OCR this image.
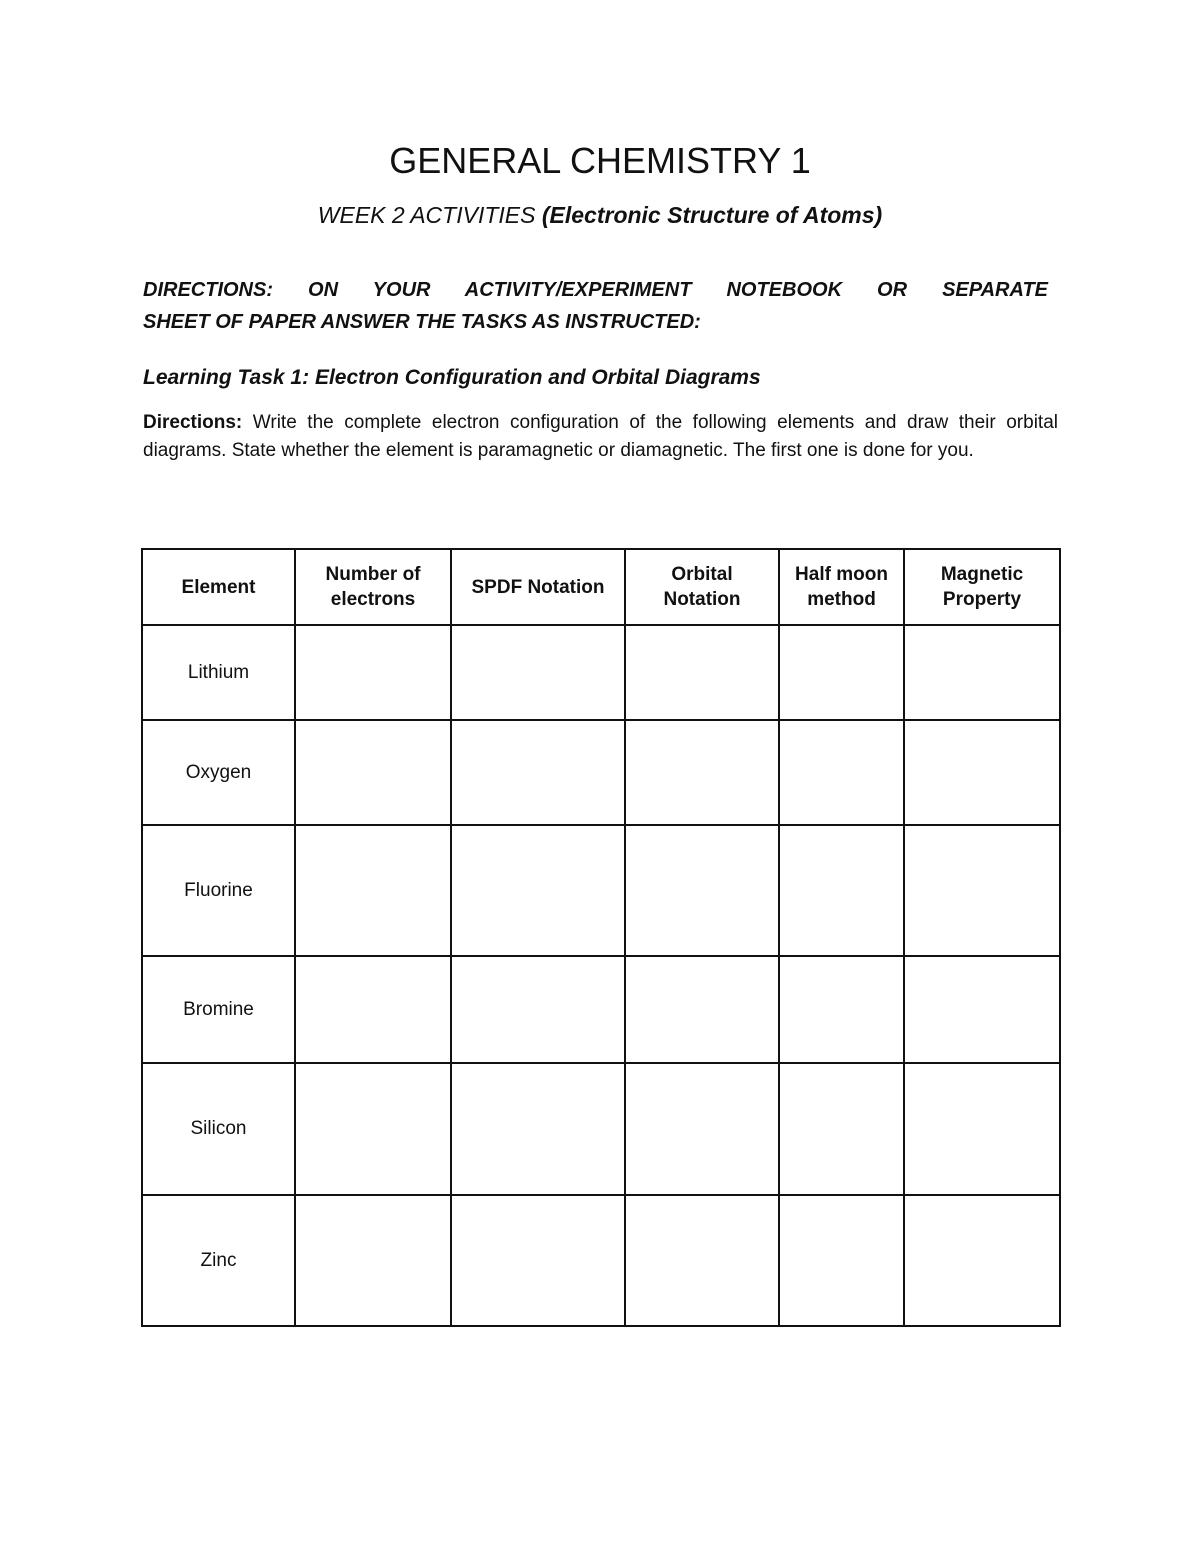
GENERAL CHEMISTRY 1
WEEK 2 ACTIVITIES (Electronic Structure of Atoms)
DIRECTIONS: ON YOUR ACTIVITY/EXPERIMENT NOTEBOOK OR SEPARATE
SHEET OF PAPER ANSWER THE TASKS AS INSTRUCTED:
Learning Task 1: Electron Configuration and Orbital Diagrams
Directions: Write the complete electron configuration of the following elements and draw their orbital diagrams. State whether the element is paramagnetic or diamagnetic. The first one is done for you.
Element	Number of electrons	SPDF Notation	Orbital Notation	Half moon method	Magnetic Property
Lithium					
Oxygen					
Fluorine					
Bromine					
Silicon					
Zinc					
